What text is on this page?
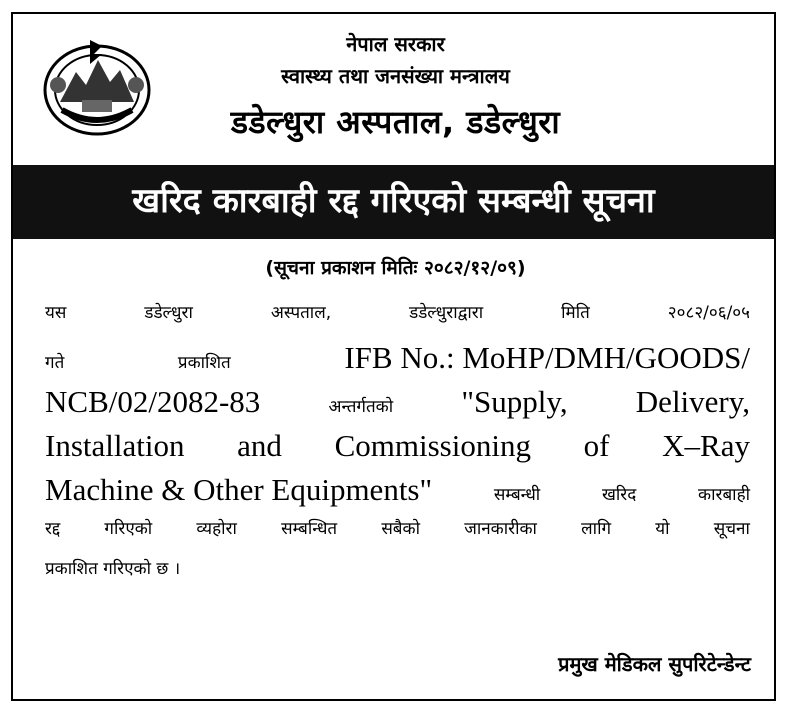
नेपाल सरकार
स्वास्थ्य तथा जनसंख्या मन्त्रालय
डडेल्धुरा अस्पताल, डडेल्धुरा
खरिद कारबाही रद्द गरिएको सम्बन्धी सूचना
(सूचना प्रकाशन मितिः २०८२/१२/०९)
यस	डडेल्धुरा	अस्पताल,	डडेल्धुराद्वारा	मिति	२०८२/०६/०५
गते	प्रकाशित	IFB No.: MoHP/DMH/GOODS/
NCB/02/2082-83	अन्तर्गतको "Supply, Delivery,
Installation and Commissioning of X–Ray
Machine & Other Equipments"	सम्बन्धी	खरिद	कारबाही
रद्द	गरिएको	व्यहोरा	सम्बन्धित	सबैको	जानकारीका	लागि	यो	सूचना
प्रकाशित गरिएको छ ।
प्रमुख मेडिकल सुपरिटेन्डेन्ट
